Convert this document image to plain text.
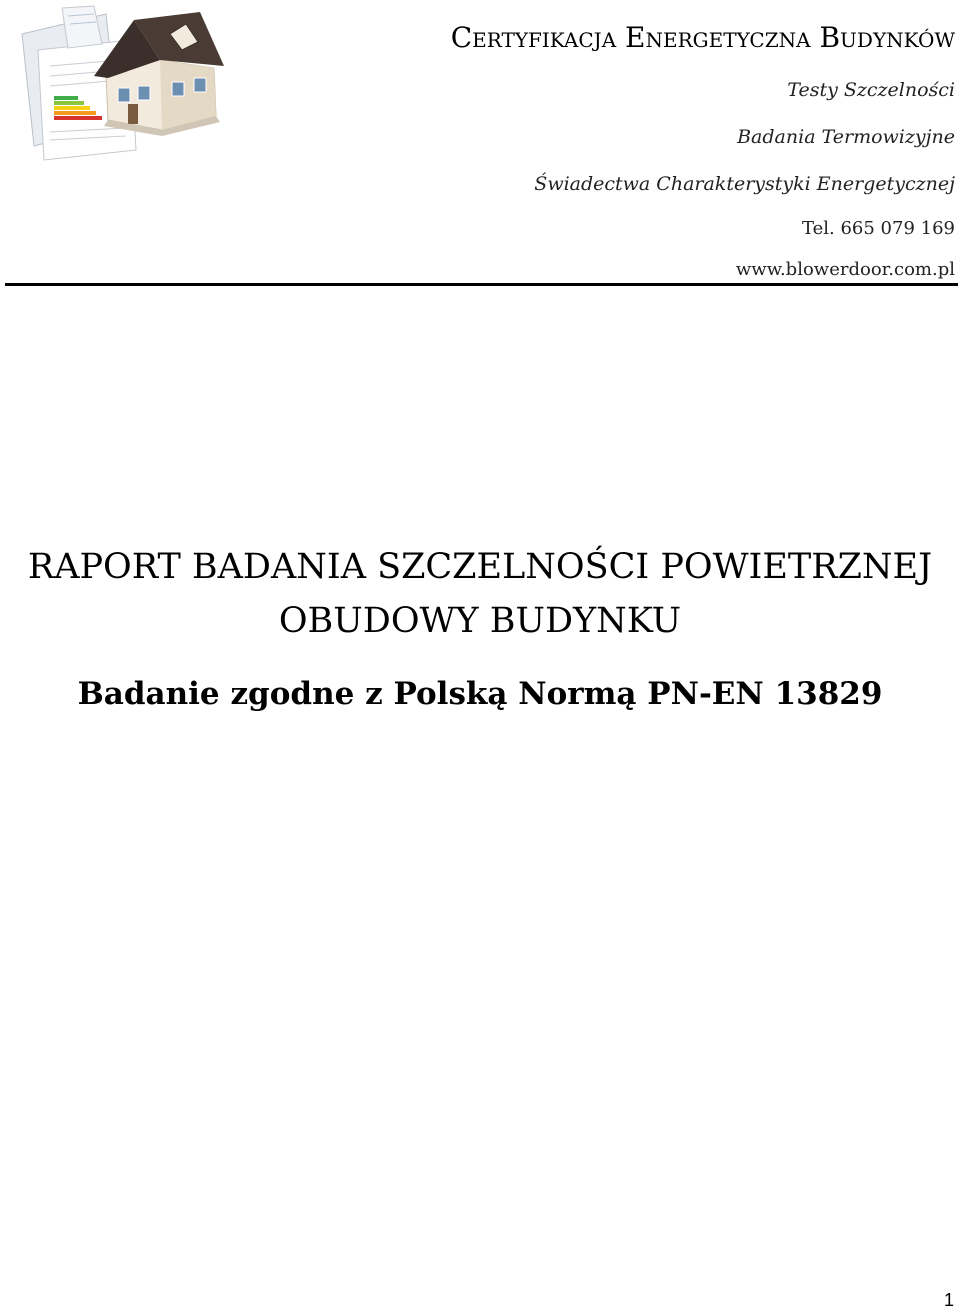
Certyfikacja Energetyczna Budynków
Testy Szczelności
Badania Termowizyjne
Świadectwa Charakterystyki Energetycznej
Tel. 665 079 169
www.blowerdoor.com.pl
RAPORT BADANIA SZCZELNOŚCI POWIETRZNEJ
OBUDOWY BUDYNKU
Badanie zgodne z Polską Normą PN-EN 13829
1
